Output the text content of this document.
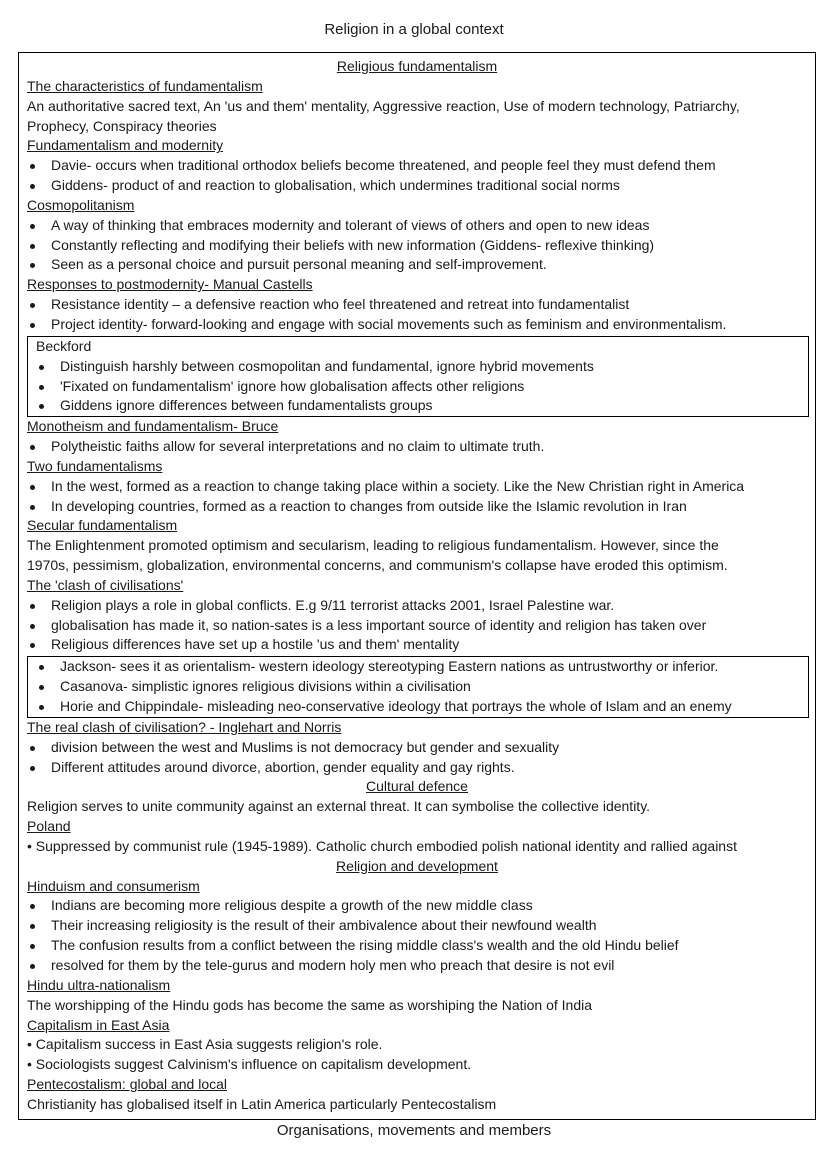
Religion in a global context
Religious fundamentalism
The characteristics of fundamentalism
An authoritative sacred text, An 'us and them' mentality, Aggressive reaction, Use of modern technology, Patriarchy,
Prophecy, Conspiracy theories
Fundamentalism and modernity
Davie- occurs when traditional orthodox beliefs become threatened, and people feel they must defend them
Giddens- product of and reaction to globalisation, which undermines traditional social norms
Cosmopolitanism
A way of thinking that embraces modernity and tolerant of views of others and open to new ideas
Constantly reflecting and modifying their beliefs with new information (Giddens- reflexive thinking)
Seen as a personal choice and pursuit personal meaning and self-improvement.
Responses to postmodernity- Manual Castells
Resistance identity – a defensive reaction who feel threatened and retreat into fundamentalist
Project identity- forward-looking and engage with social movements such as feminism and environmentalism.
Beckford
Distinguish harshly between cosmopolitan and fundamental, ignore hybrid movements
'Fixated on fundamentalism' ignore how globalisation affects other religions
Giddens ignore differences between fundamentalists groups
Monotheism and fundamentalism- Bruce
Polytheistic faiths allow for several interpretations and no claim to ultimate truth.
Two fundamentalisms
In the west, formed as a reaction to change taking place within a society. Like the New Christian right in America
In developing countries, formed as a reaction to changes from outside like the Islamic revolution in Iran
Secular fundamentalism
The Enlightenment promoted optimism and secularism, leading to religious fundamentalism. However, since the
1970s, pessimism, globalization, environmental concerns, and communism's collapse have eroded this optimism.
The 'clash of civilisations'
Religion plays a role in global conflicts. E.g 9/11 terrorist attacks 2001, Israel Palestine war.
globalisation has made it, so nation-sates is a less important source of identity and religion has taken over
Religious differences have set up a hostile 'us and them' mentality
Jackson- sees it as orientalism- western ideology stereotyping Eastern nations as untrustworthy or inferior.
Casanova- simplistic ignores religious divisions within a civilisation
Horie and Chippindale- misleading neo-conservative ideology that portrays the whole of Islam and an enemy
The real clash of civilisation? - Inglehart and Norris
division between the west and Muslims is not democracy but gender and sexuality
Different attitudes around divorce, abortion, gender equality and gay rights.
Cultural defence
Religion serves to unite community against an external threat. It can symbolise the collective identity.
Poland
• Suppressed by communist rule (1945-1989). Catholic church embodied polish national identity and rallied against
Religion and development
Hinduism and consumerism
Indians are becoming more religious despite a growth of the new middle class
Their increasing religiosity is the result of their ambivalence about their newfound wealth
The confusion results from a conflict between the rising middle class's wealth and the old Hindu belief
resolved for them by the tele-gurus and modern holy men who preach that desire is not evil
Hindu ultra-nationalism
The worshipping of the Hindu gods has become the same as worshiping the Nation of India
Capitalism in East Asia
• Capitalism success in East Asia suggests religion's role.
• Sociologists suggest Calvinism's influence on capitalism development.
Pentecostalism: global and local
Christianity has globalised itself in Latin America particularly Pentecostalism
Organisations, movements and members
